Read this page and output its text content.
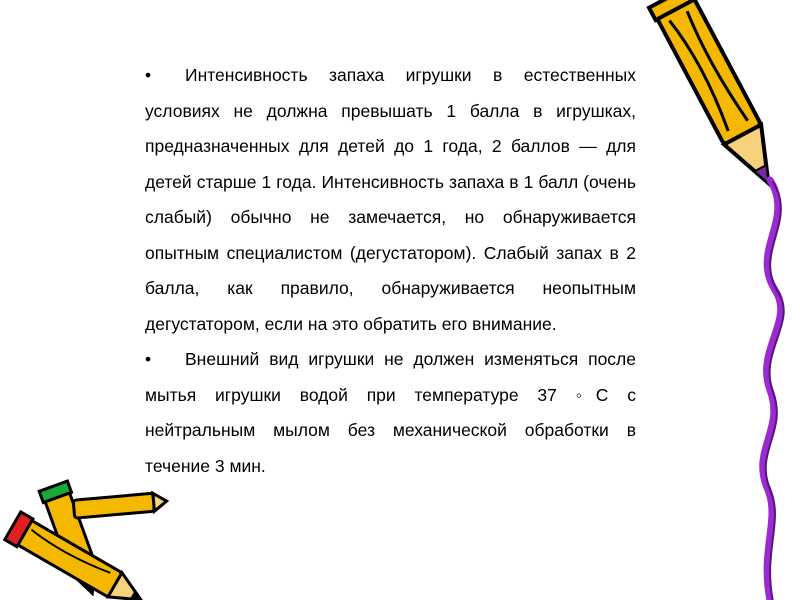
• Интенсивность запаха игрушки в естественных условиях не должна превышать 1 балла в игрушках, предназначенных для детей до 1 года, 2 баллов — для детей старше 1 года. Интенсивность запаха в 1 балл (очень слабый) обычно не замечается, но обнаруживается опытным специалистом (дегустатором). Слабый запах в 2 балла, как правило, обнаруживается неопытным дегустатором, если на это обратить его внимание.

• Внешний вид игрушки не должен изменяться после мытья игрушки водой при температуре 37 ◦С с нейтральным мылом без механической обработки в течение 3 мин.
